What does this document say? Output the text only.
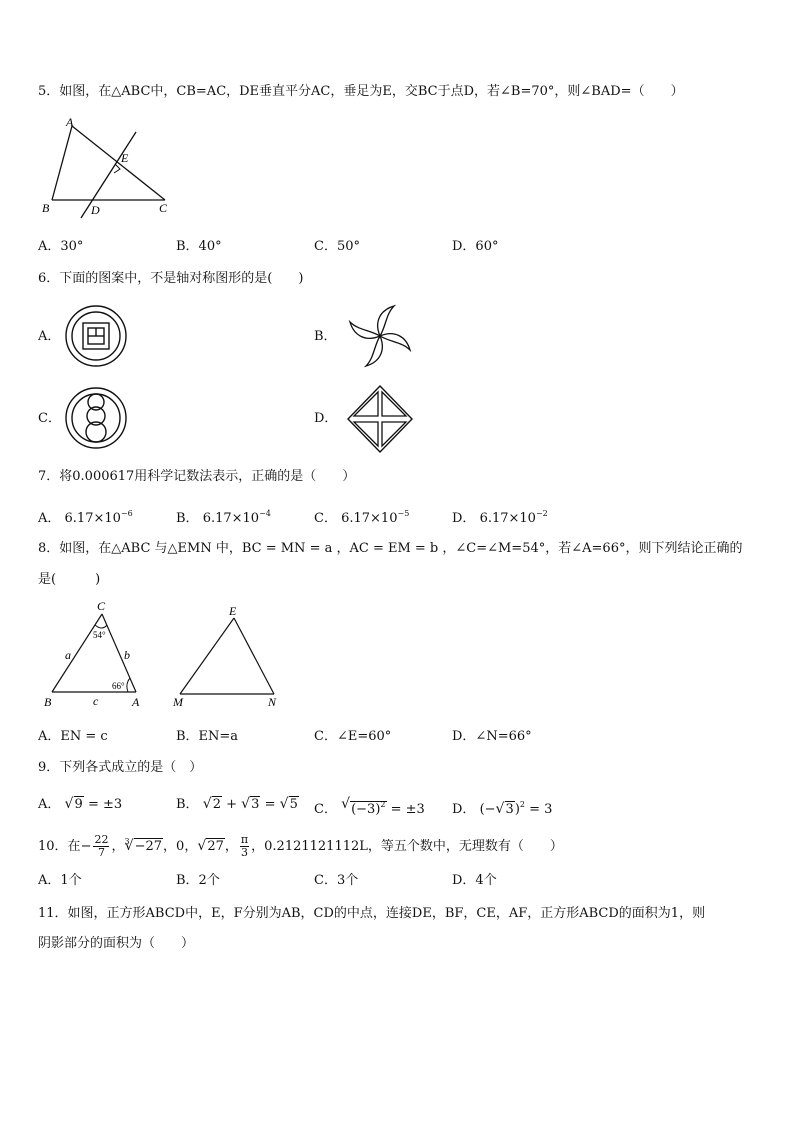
5．如图，在△ABC中，CB=AC，DE垂直平分AC，垂足为E，交BC于点D，若∠B=70°，则∠BAD=（　　）
A
B	C
D
E
A．30°	B．40°	C．50°	D．60°
6．下面的图案中，不是轴对称图形的是(　　)
A．	B．
C．	D．
7．将0.000617用科学记数法表示，正确的是（　　）
A． $6.17\times 10^{-6}$	B． $6.17\times 10^{-4}$	C． $6.17\times 10^{-5}$	D． $6.17\times 10^{-2}$
8．如图，在△ABC 与△EMN 中，BC = MN = a ，AC = EM = b ，∠C=∠M=54°，若∠A=66°，则下列结论正确的
是(　　　)
C
B	A
a	b
c
54°
66°
E
M	N
A．EN = c	B．EN=a	C．∠E=60°	D．∠N=66°
9．下列各式成立的是（　）
A． √ 9 = ±3	B． √ 2 + √ 3 = √ 5 C． √ $(-3)^2 = \pm 3$ D． (− √ 3)$^2$ = 3
10．在− $\frac{22}{7}$ ，$^3$ √ −27，0， √ 27， $\frac{\pi}{3}$ ，0.2121121112L，等五个数中，无理数有（　　）
A．1个	B．2个	C．3个	D．4个
11．如图，正方形ABCD中，E，F分别为AB，CD的中点，连接DE，BF，CE，AF，正方形ABCD的面积为1，则
阴影部分的面积为（　　）
